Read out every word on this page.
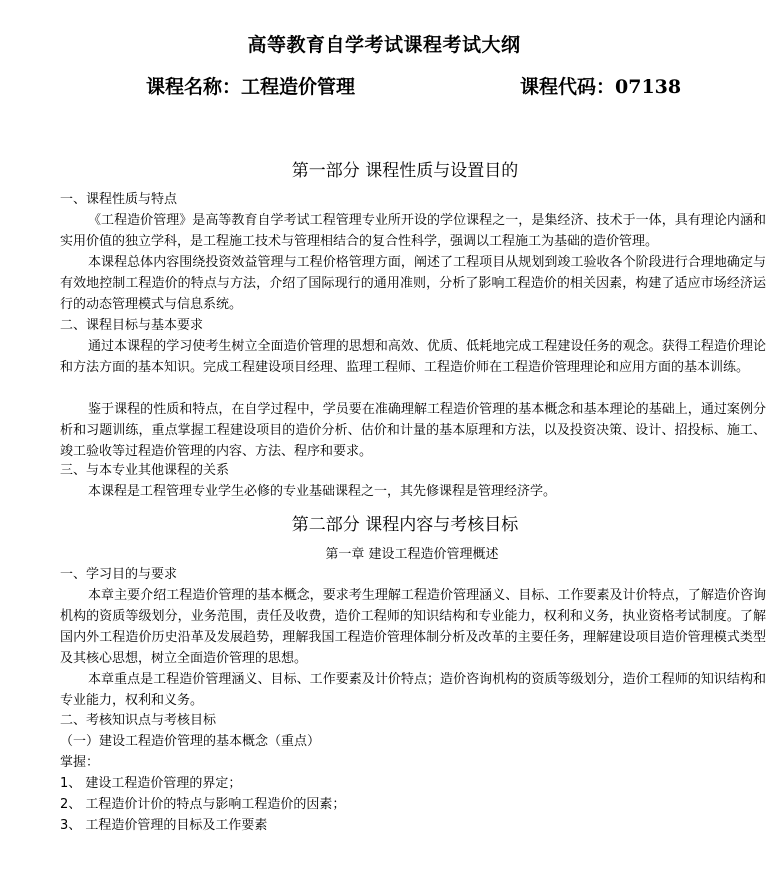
高等教育自学考试课程考试大纲
课程名称：工程造价管理	课程代码：07138
第一部分 课程性质与设置目的
一、课程性质与特点
《工程造价管理》是高等教育自学考试工程管理专业所开设的学位课程之一，是集经济、技术于一体，具有理论内涵和实用价值的独立学科，是工程施工技术与管理相结合的复合性科学，强调以工程施工为基础的造价管理。
本课程总体内容围绕投资效益管理与工程价格管理方面，阐述了工程项目从规划到竣工验收各个阶段进行合理地确定与有效地控制工程造价的特点与方法，介绍了国际现行的通用准则，分析了影响工程造价的相关因素，构建了适应市场经济运行的动态管理模式与信息系统。
二、课程目标与基本要求
通过本课程的学习使考生树立全面造价管理的思想和高效、优质、低耗地完成工程建设任务的观念。获得工程造价理论和方法方面的基本知识。完成工程建设项目经理、监理工程师、工程造价师在工程造价管理理论和应用方面的基本训练。
鉴于课程的性质和特点，在自学过程中，学员要在准确理解工程造价管理的基本概念和基本理论的基础上，通过案例分析和习题训练，重点掌握工程建设项目的造价分析、估价和计量的基本原理和方法，以及投资决策、设计、招投标、施工、竣工验收等过程造价管理的内容、方法、程序和要求。
三、与本专业其他课程的关系
本课程是工程管理专业学生必修的专业基础课程之一，其先修课程是管理经济学。
第二部分 课程内容与考核目标
第一章 建设工程造价管理概述
一、学习目的与要求
本章主要介绍工程造价管理的基本概念，要求考生理解工程造价管理涵义、目标、工作要素及计价特点，了解造价咨询机构的资质等级划分，业务范围，责任及收费，造价工程师的知识结构和专业能力，权利和义务，执业资格考试制度。了解国内外工程造价历史沿革及发展趋势，理解我国工程造价管理体制分析及改革的主要任务，理解建设项目造价管理模式类型及其核心思想，树立全面造价管理的思想。
本章重点是工程造价管理涵义、目标、工作要素及计价特点；造价咨询机构的资质等级划分，造价工程师的知识结构和专业能力，权利和义务。
二、考核知识点与考核目标
（一）建设工程造价管理的基本概念（重点）
掌握：
1、 建设工程造价管理的界定；
2、 工程造价计价的特点与影响工程造价的因素；
3、 工程造价管理的目标及工作要素
